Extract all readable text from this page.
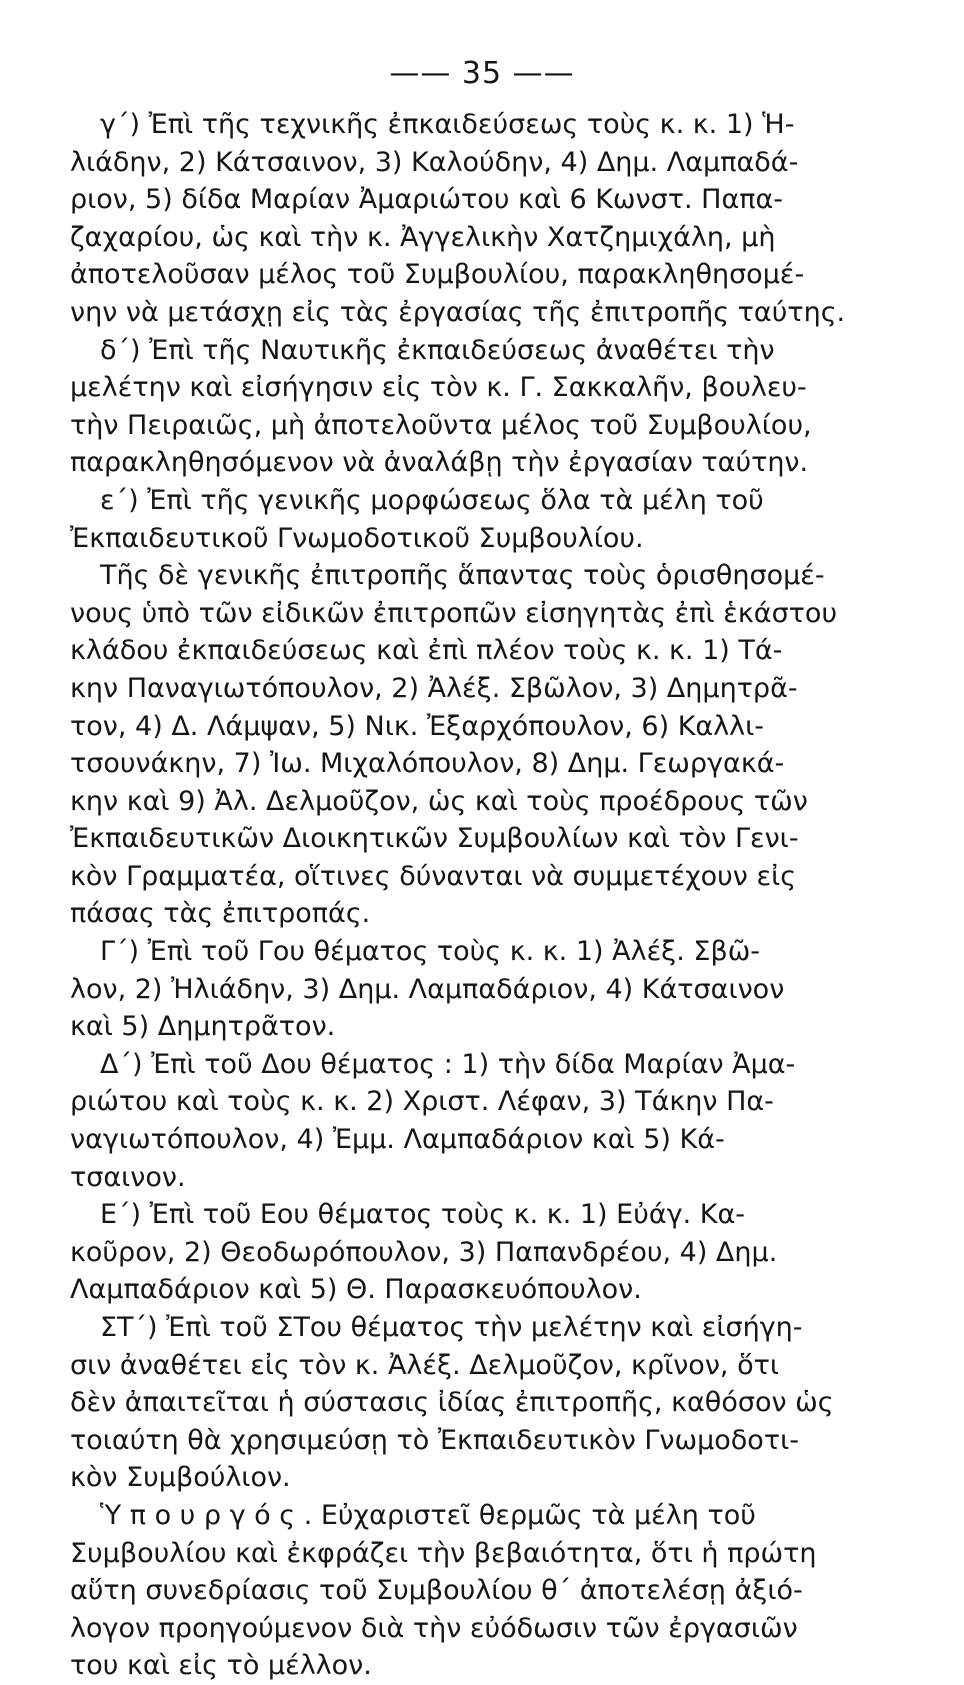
—— 35 ——
γ΄) Ἐπὶ τῆς τεχνικῆς ἐπκαιδεύσεως τοὺς κ. κ. 1) Ἡ-
λιάδην, 2) Κάτσαινον, 3) Καλούδην, 4) Δημ. Λαμπαδά-
ριον, 5) δίδα Μαρίαν Ἀμαριώτου καὶ 6 Κωνστ. Παπα-
ζαχαρίου, ὡς καὶ τὴν κ. Ἀγγελικὴν Χατζημιχάλη, μὴ
ἀποτελοῦσαν μέλος τοῦ Συμβουλίου, παρακληθησομέ-
νην νὰ μετάσχῃ εἰς τὰς ἐργασίας τῆς ἐπιτροπῆς ταύτης.
δ΄) Ἐπὶ τῆς Ναυτικῆς ἐκπαιδεύσεως ἀναθέτει τὴν
μελέτην καὶ εἰσήγησιν εἰς τὸν κ. Γ. Σακκαλῆν, βουλευ-
τὴν Πειραιῶς, μὴ ἀποτελοῦντα μέλος τοῦ Συμβουλίου,
παρακληθησόμενον νὰ ἀναλάβῃ τὴν ἐργασίαν ταύτην.
ε΄) Ἐπὶ τῆς γενικῆς μορφώσεως ὅλα τὰ μέλη τοῦ
Ἐκπαιδευτικοῦ Γνωμοδοτικοῦ Συμβουλίου.
Τῆς δὲ γενικῆς ἐπιτροπῆς ἅπαντας τοὺς ὁρισθησομέ-
νους ὑπὸ τῶν εἰδικῶν ἐπιτροπῶν εἰσηγητὰς ἐπὶ ἑκάστου
κλάδου ἐκπαιδεύσεως καὶ ἐπὶ πλέον τοὺς κ. κ. 1) Τά-
κην Παναγιωτόπουλον, 2) Ἀλέξ. Σβῶλον, 3) Δημητρᾶ-
τον, 4) Δ. Λάμψαν, 5) Νικ. Ἐξαρχόπουλον, 6) Καλλι-
τσουνάκην, 7) Ἰω. Μιχαλόπουλον, 8) Δημ. Γεωργακά-
κην καὶ 9) Ἀλ. Δελμοῦζον, ὡς καὶ τοὺς προέδρους τῶν
Ἐκπαιδευτικῶν Διοικητικῶν Συμβουλίων καὶ τὸν Γενι-
κὸν Γραμματέα, οἵτινες δύνανται νὰ συμμετέχουν εἰς
πάσας τὰς ἐπιτροπάς.
Γ΄) Ἐπὶ τοῦ Γου θέματος τοὺς κ. κ. 1) Ἀλέξ. Σβῶ-
λον, 2) Ἠλιάδην, 3) Δημ. Λαμπαδάριον, 4) Κάτσαινον
καὶ 5) Δημητρᾶτον.
Δ΄) Ἐπὶ τοῦ Δου θέματος : 1) τὴν δίδα Μαρίαν Ἀμα-
ριώτου καὶ τοὺς κ. κ. 2) Χριστ. Λέφαν, 3) Τάκην Πα-
ναγιωτόπουλον, 4) Ἐμμ. Λαμπαδάριον καὶ 5) Κά-
τσαινον.
Ε΄) Ἐπὶ τοῦ Εου θέματος τοὺς κ. κ. 1) Εὐάγ. Κα-
κοῦρον, 2) Θεοδωρόπουλον, 3) Παπανδρέου, 4) Δημ.
Λαμπαδάριον καὶ 5) Θ. Παρασκευόπουλον.
ΣΤ΄) Ἐπὶ τοῦ ΣΤου θέματος τὴν μελέτην καὶ εἰσήγη-
σιν ἀναθέτει εἰς τὸν κ. Ἀλέξ. Δελμοῦζον, κρῖνον, ὅτι
δὲν ἀπαιτεῖται ἡ σύστασις ἰδίας ἐπιτροπῆς, καθόσον ὡς
τοιαύτη θὰ χρησιμεύσῃ τὸ Ἐκπαιδευτικὸν Γνωμοδοτι-
κὸν Συμβούλιον.
Ὑ π ο υ ρ γ ό ς . Εὐχαριστεῖ θερμῶς τὰ μέλη τοῦ
Συμβουλίου καὶ ἐκφράζει τὴν βεβαιότητα, ὅτι ἡ πρώτη
αὕτη συνεδρίασις τοῦ Συμβουλίου θ΄ ἀποτελέσῃ ἀξιό-
λογον προηγούμενον διὰ τὴν εὐόδωσιν τῶν ἐργασιῶν
του καὶ εἰς τὸ μέλλον.
